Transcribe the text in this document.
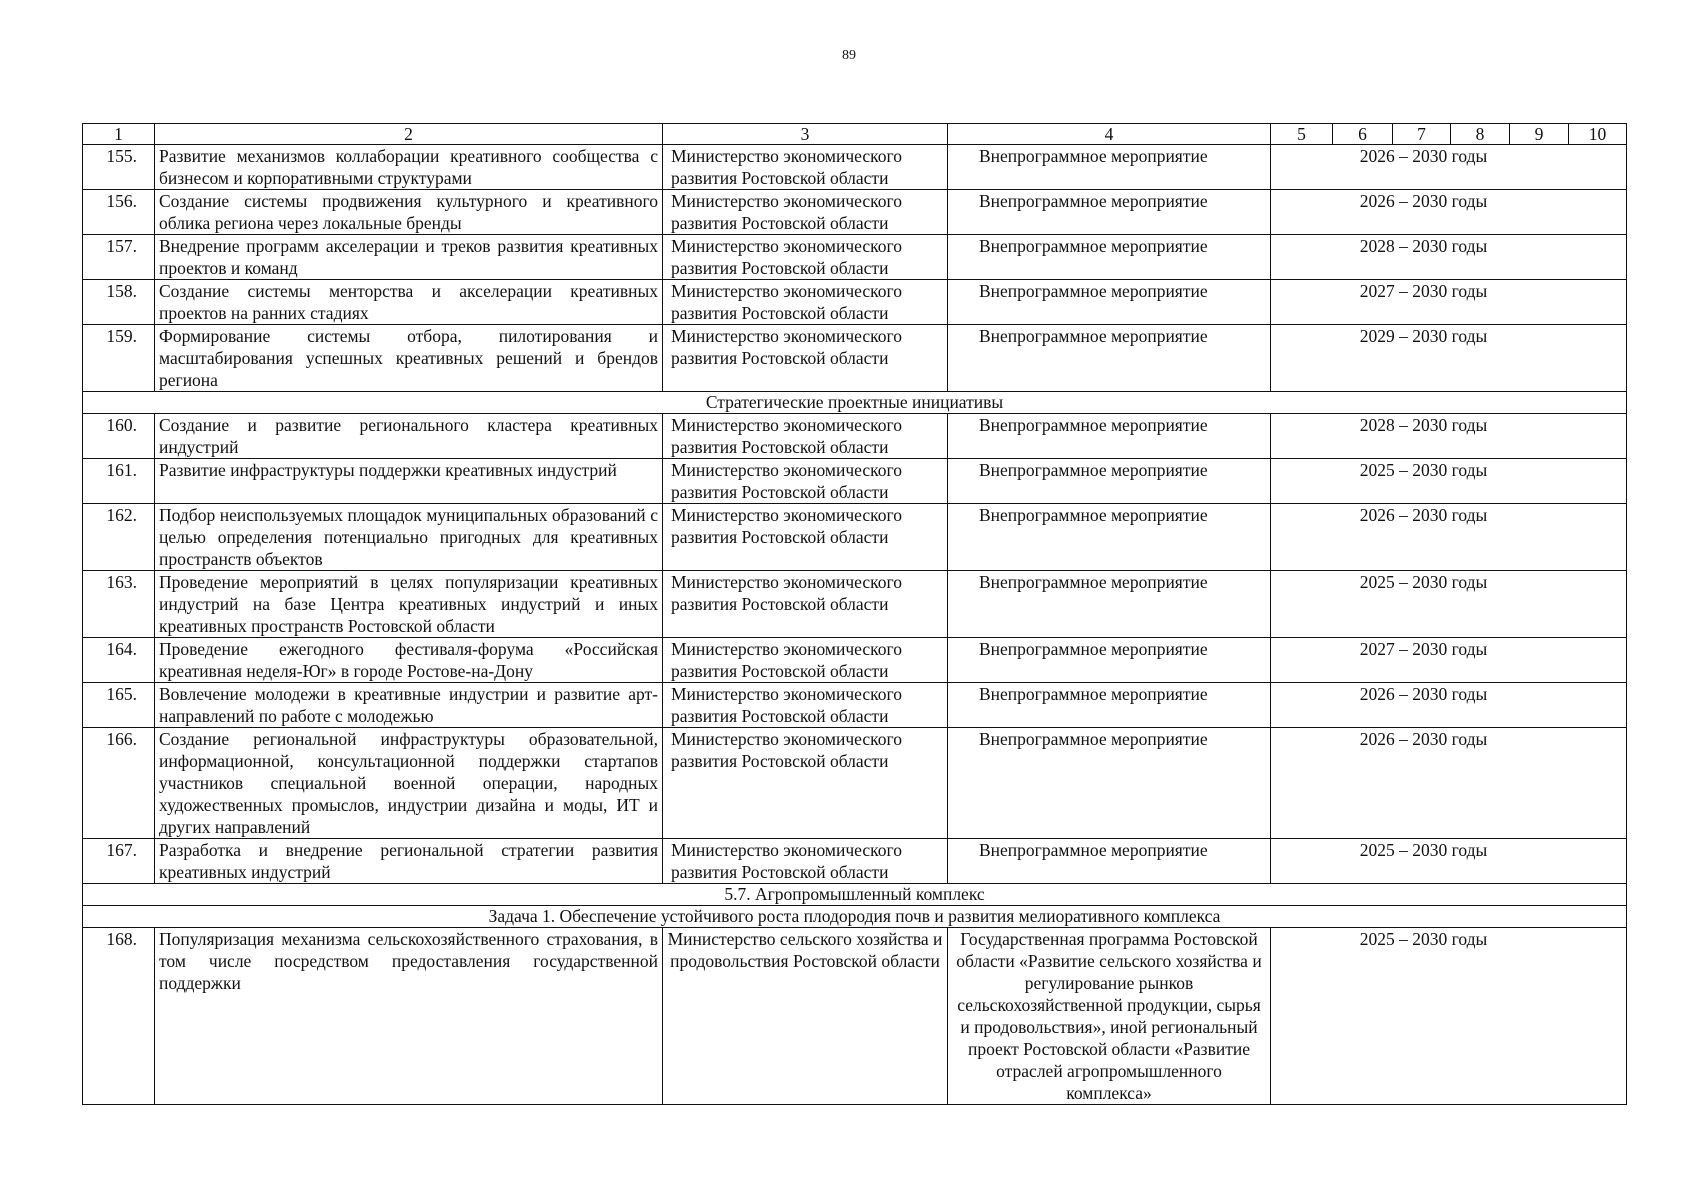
89
1	2	3	4	5	6	7	8	9	10
155.	Развитие механизмов коллаборации креативного сообщества с бизнесом и корпоративными структурами	Министерство экономического развития Ростовской области	Внепрограммное мероприятие	2026 – 2030 годы					
156.	Создание системы продвижения культурного и креативного облика региона через локальные бренды	Министерство экономического развития Ростовской области	Внепрограммное мероприятие	2026 – 2030 годы					
157.	Внедрение программ акселерации и треков развития креативных проектов и команд	Министерство экономического развития Ростовской области	Внепрограммное мероприятие	2028 – 2030 годы					
158.	Создание системы менторства и акселерации креативных проектов на ранних стадиях	Министерство экономического развития Ростовской области	Внепрограммное мероприятие	2027 – 2030 годы					
159.	Формирование системы отбора, пилотирования и масштабирования успешных креативных решений и брендов региона	Министерство экономического развития Ростовской области	Внепрограммное мероприятие	2029 – 2030 годы					
Стратегические проектные инициативы									
160.	Создание и развитие регионального кластера креативных индустрий	Министерство экономического развития Ростовской области	Внепрограммное мероприятие	2028 – 2030 годы					
161.	Развитие инфраструктуры поддержки креативных индустрий	Министерство экономического развития Ростовской области	Внепрограммное мероприятие	2025 – 2030 годы					
162.	Подбор неиспользуемых площадок муниципальных образований с целью определения потенциально пригодных для креативных пространств объектов	Министерство экономического развития Ростовской области	Внепрограммное мероприятие	2026 – 2030 годы					
163.	Проведение мероприятий в целях популяризации креативных индустрий на базе Центра креативных индустрий и иных креативных пространств Ростовской области	Министерство экономического развития Ростовской области	Внепрограммное мероприятие	2025 – 2030 годы					
164.	Проведение ежегодного фестиваля-форума «Российская креативная неделя-Юг» в городе Ростове-на-Дону	Министерство экономического развития Ростовской области	Внепрограммное мероприятие	2027 – 2030 годы					
165.	Вовлечение молодежи в креативные индустрии и развитие арт-направлений по работе с молодежью	Министерство экономического развития Ростовской области	Внепрограммное мероприятие	2026 – 2030 годы					
166.	Создание региональной инфраструктуры образовательной, информационной, консультационной поддержки стартапов участников специальной военной операции, народных художественных промыслов, индустрии дизайна и моды, ИТ и других направлений	Министерство экономического развития Ростовской области	Внепрограммное мероприятие	2026 – 2030 годы					
167.	Разработка и внедрение региональной стратегии развития креативных индустрий	Министерство экономического развития Ростовской области	Внепрограммное мероприятие	2025 – 2030 годы					
5.7. Агропромышленный комплекс									
Задача 1. Обеспечение устойчивого роста плодородия почв и развития мелиоративного комплекса									
168.	Популяризация механизма сельскохозяйственного страхования, в том числе посредством предоставления государственной поддержки	Министерство сельского хозяйства и продовольствия Ростовской области	Государственная программа Ростовской области «Развитие сельского хозяйства и регулирование рынков сельскохозяйственной продукции, сырья и продовольствия», иной региональный проект Ростовской области «Развитие отраслей агропромышленного комплекса»	2025 – 2030 годы					
